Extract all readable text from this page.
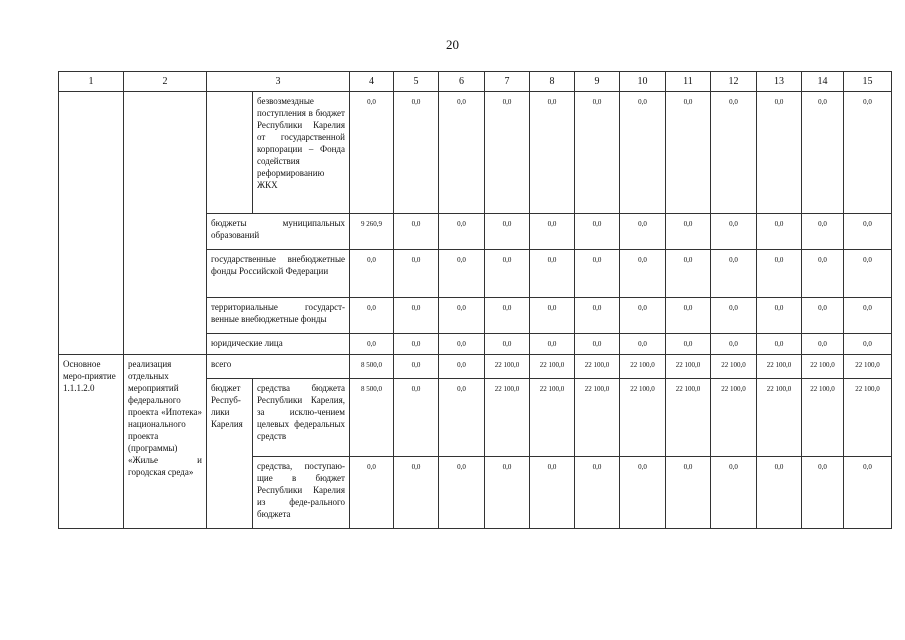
20
1	2	3		4	5	6	7	8	9	10	11	12	13	14	15
			безвозмездные поступления в бюджет Республики Карелия от государственной корпорации – Фонда содействия реформированию ЖКХ	0,0	0,0	0,0	0,0	0,0	0,0	0,0	0,0	0,0	0,0	0,0	0,0
		бюджеты муниципальных образований		9 260,9	0,0	0,0	0,0	0,0	0,0	0,0	0,0	0,0	0,0	0,0	0,0
		государственные внебюджетные фонды Российской Федерации		0,0	0,0	0,0	0,0	0,0	0,0	0,0	0,0	0,0	0,0	0,0	0,0
		территориальные государст-венные внебюджетные фонды		0,0	0,0	0,0	0,0	0,0	0,0	0,0	0,0	0,0	0,0	0,0	0,0
		юридические лица		0,0	0,0	0,0	0,0	0,0	0,0	0,0	0,0	0,0	0,0	0,0	0,0
Основное меро-приятие 1.1.1.2.0	реализация отдельных мероприятий федерального проекта «Ипотека» национального проекта (программы) «Жилье и городская среда»	всего		8 500,0	0,0	0,0	22 100,0	22 100,0	22 100,0	22 100,0	22 100,0	22 100,0	22 100,0	22 100,0	22 100,0
		бюджет Респуб-лики Карелия	средства бюджета Республики Карелия, за исклю-чением целевых федеральных средств	8 500,0	0,0	0,0	22 100,0	22 100,0	22 100,0	22 100,0	22 100,0	22 100,0	22 100,0	22 100,0	22 100,0
			средства, поступаю-щие в бюджет Республики Карелия из феде-рального бюджета	0,0	0,0	0,0	0,0	0,0	0,0	0,0	0,0	0,0	0,0	0,0	0,0
